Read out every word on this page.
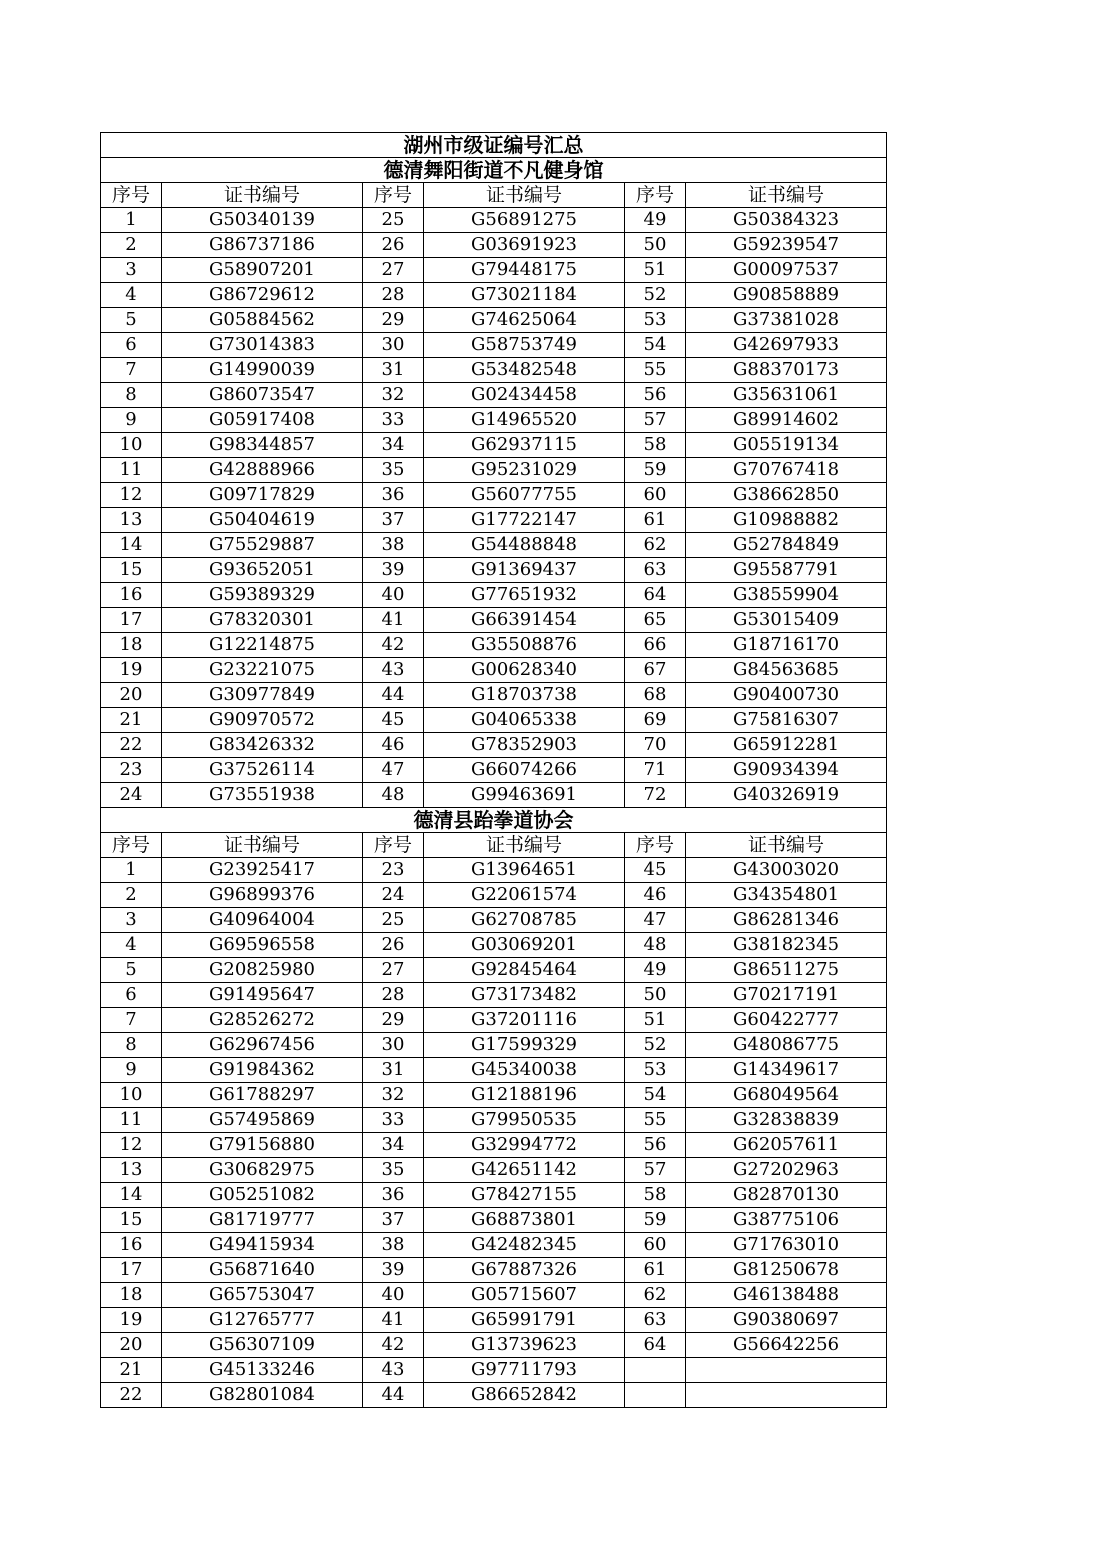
湖州市级证编号汇总					
德清舞阳街道不凡健身馆					
序号	证书编号	序号	证书编号	序号	证书编号
1	G50340139	25	G56891275	49	G50384323
2	G86737186	26	G03691923	50	G59239547
3	G58907201	27	G79448175	51	G00097537
4	G86729612	28	G73021184	52	G90858889
5	G05884562	29	G74625064	53	G37381028
6	G73014383	30	G58753749	54	G42697933
7	G14990039	31	G53482548	55	G88370173
8	G86073547	32	G02434458	56	G35631061
9	G05917408	33	G14965520	57	G89914602
10	G98344857	34	G62937115	58	G05519134
11	G42888966	35	G95231029	59	G70767418
12	G09717829	36	G56077755	60	G38662850
13	G50404619	37	G17722147	61	G10988882
14	G75529887	38	G54488848	62	G52784849
15	G93652051	39	G91369437	63	G95587791
16	G59389329	40	G77651932	64	G38559904
17	G78320301	41	G66391454	65	G53015409
18	G12214875	42	G35508876	66	G18716170
19	G23221075	43	G00628340	67	G84563685
20	G30977849	44	G18703738	68	G90400730
21	G90970572	45	G04065338	69	G75816307
22	G83426332	46	G78352903	70	G65912281
23	G37526114	47	G66074266	71	G90934394
24	G73551938	48	G99463691	72	G40326919
德清县跆拳道协会					
序号	证书编号	序号	证书编号	序号	证书编号
1	G23925417	23	G13964651	45	G43003020
2	G96899376	24	G22061574	46	G34354801
3	G40964004	25	G62708785	47	G86281346
4	G69596558	26	G03069201	48	G38182345
5	G20825980	27	G92845464	49	G86511275
6	G91495647	28	G73173482	50	G70217191
7	G28526272	29	G37201116	51	G60422777
8	G62967456	30	G17599329	52	G48086775
9	G91984362	31	G45340038	53	G14349617
10	G61788297	32	G12188196	54	G68049564
11	G57495869	33	G79950535	55	G32838839
12	G79156880	34	G32994772	56	G62057611
13	G30682975	35	G42651142	57	G27202963
14	G05251082	36	G78427155	58	G82870130
15	G81719777	37	G68873801	59	G38775106
16	G49415934	38	G42482345	60	G71763010
17	G56871640	39	G67887326	61	G81250678
18	G65753047	40	G05715607	62	G46138488
19	G12765777	41	G65991791	63	G90380697
20	G56307109	42	G13739623	64	G56642256
21	G45133246	43	G97711793		
22	G82801084	44	G86652842		
